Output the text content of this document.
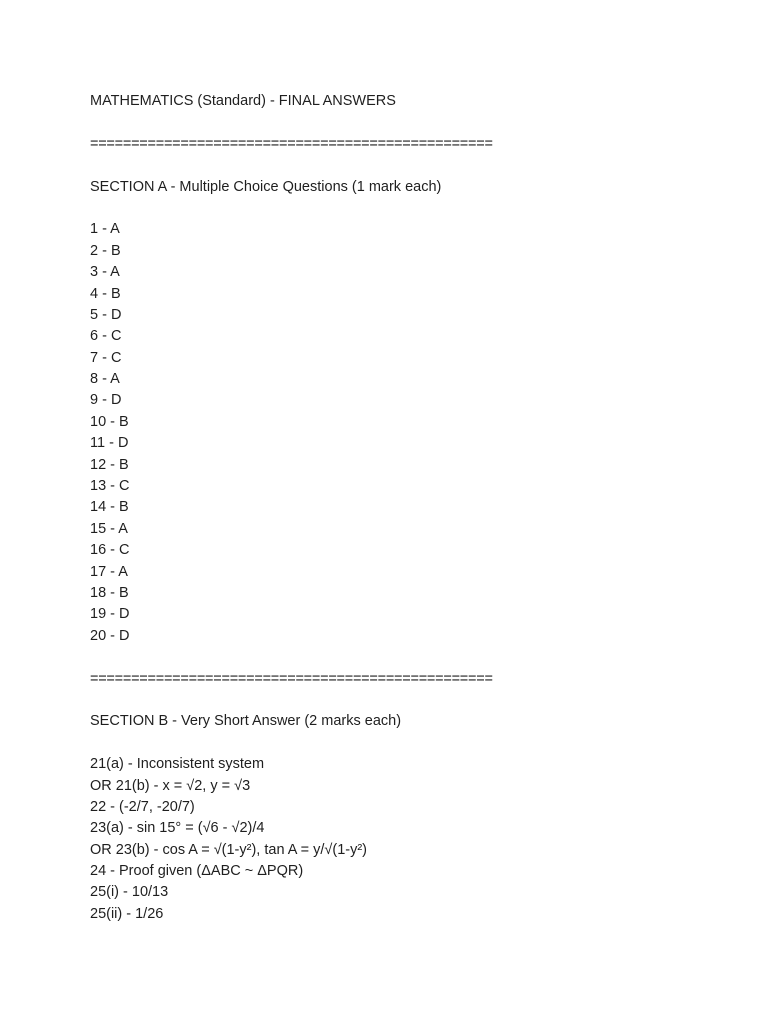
MATHEMATICS (Standard) - FINAL ANSWERS
=================================================
SECTION A - Multiple Choice Questions (1 mark each)
1 - A
2 - B
3 - A
4 - B
5 - D
6 - C
7 - C
8 - A
9 - D
10 - B
11 - D
12 - B
13 - C
14 - B
15 - A
16 - C
17 - A
18 - B
19 - D
20 - D
=================================================
SECTION B - Very Short Answer (2 marks each)
21(a) - Inconsistent system
OR 21(b) - x = √2, y = √3
22 - (-2/7, -20/7)
23(a) - sin 15° = (√6 - √2)/4
OR 23(b) - cos A = √(1-y²), tan A = y/√(1-y²)
24 - Proof given (ΔABC ~ ΔPQR)
25(i) - 10/13
25(ii) - 1/26
